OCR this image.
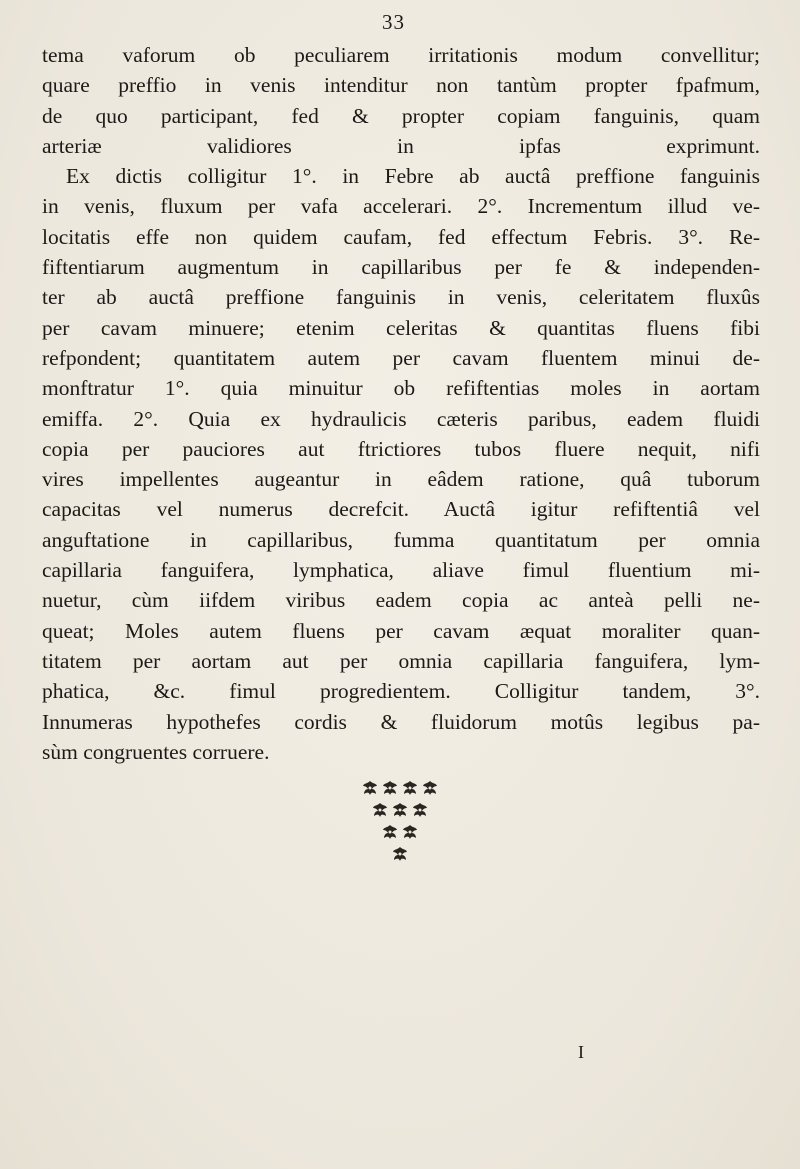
33
tema vaforum ob peculiarem irritationis modum convellitur;
quare preffio in venis intenditur non tantùm propter fpafmum,
de quo participant, fed & propter copiam fanguinis, quam
arteriæ validiores in ipfas exprimunt.
Ex dictis colligitur 1°. in Febre ab auctâ preffione fanguinis
in venis, fluxum per vafa accelerari. 2°. Incrementum illud ve-
locitatis effe non quidem caufam, fed effectum Febris. 3°. Re-
fiftentiarum augmentum in capillaribus per fe & independen-
ter ab auctâ preffione fanguinis in venis, celeritatem fluxûs
per cavam minuere; etenim celeritas & quantitas fluens fibi
refpondent; quantitatem autem per cavam fluentem minui de-
monftratur 1°. quia minuitur ob refiftentias moles in aortam
emiffa. 2°. Quia ex hydraulicis cæteris paribus, eadem fluidi
copia per pauciores aut ftrictiores tubos fluere nequit, nifi
vires impellentes augeantur in eâdem ratione, quâ tuborum
capacitas vel numerus decrefcit. Auctâ igitur refiftentiâ vel
anguftatione in capillaribus, fumma quantitatum per omnia
capillaria fanguifera, lymphatica, aliave fimul fluentium mi-
nuetur, cùm iifdem viribus eadem copia ac anteà pelli ne-
queat; Moles autem fluens per cavam æquat moraliter quan-
titatem per aortam aut per omnia capillaria fanguifera, lym-
phatica, &c. fimul progredientem. Colligitur tandem, 3°.
Innumeras hypothefes cordis & fluidorum motûs legibus pa-
sùm congruentes corruere.
I
